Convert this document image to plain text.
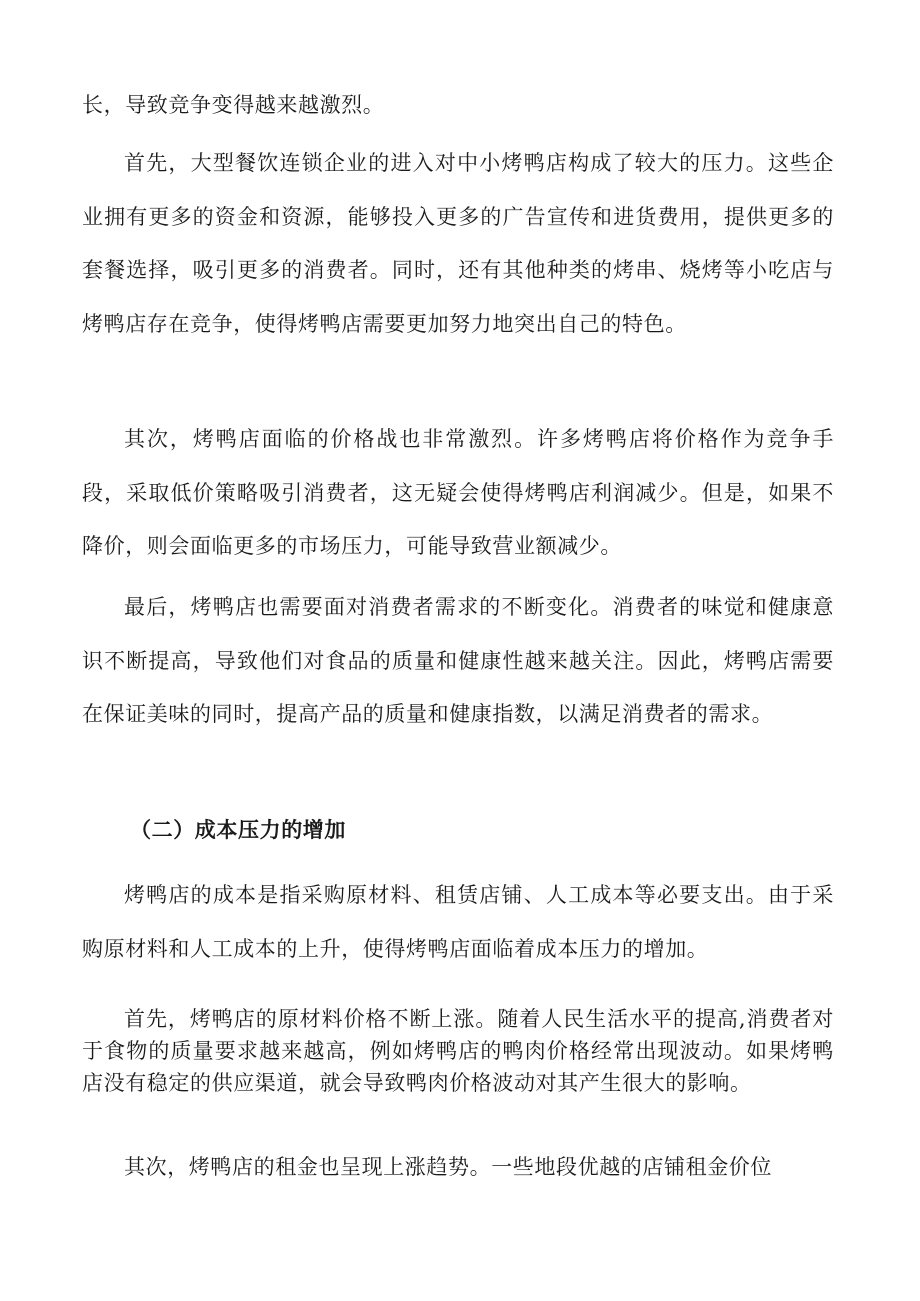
长，导致竞争变得越来越激烈。

首先，大型餐饮连锁企业的进入对中小烤鸭店构成了较大的压力。这些企业拥有更多的资金和资源，能够投入更多的广告宣传和进货费用，提供更多的套餐选择，吸引更多的消费者。同时，还有其他种类的烤串、烧烤等小吃店与烤鸭店存在竞争，使得烤鸭店需要更加努力地突出自己的特色。

其次，烤鸭店面临的价格战也非常激烈。许多烤鸭店将价格作为竞争手段，采取低价策略吸引消费者，这无疑会使得烤鸭店利润减少。但是，如果不降价，则会面临更多的市场压力，可能导致营业额减少。

最后，烤鸭店也需要面对消费者需求的不断变化。消费者的味觉和健康意识不断提高，导致他们对食品的质量和健康性越来越关注。因此，烤鸭店需要在保证美味的同时，提高产品的质量和健康指数，以满足消费者的需求。

（二）成本压力的增加

烤鸭店的成本是指采购原材料、租赁店铺、人工成本等必要支出。由于采购原材料和人工成本的上升，使得烤鸭店面临着成本压力的增加。

首先，烤鸭店的原材料价格不断上涨。随着人民生活水平的提高,消费者对于食物的质量要求越来越高，例如烤鸭店的鸭肉价格经常出现波动。如果烤鸭店没有稳定的供应渠道，就会导致鸭肉价格波动对其产生很大的影响。

其次，烤鸭店的租金也呈现上涨趋势。一些地段优越的店铺租金价位
